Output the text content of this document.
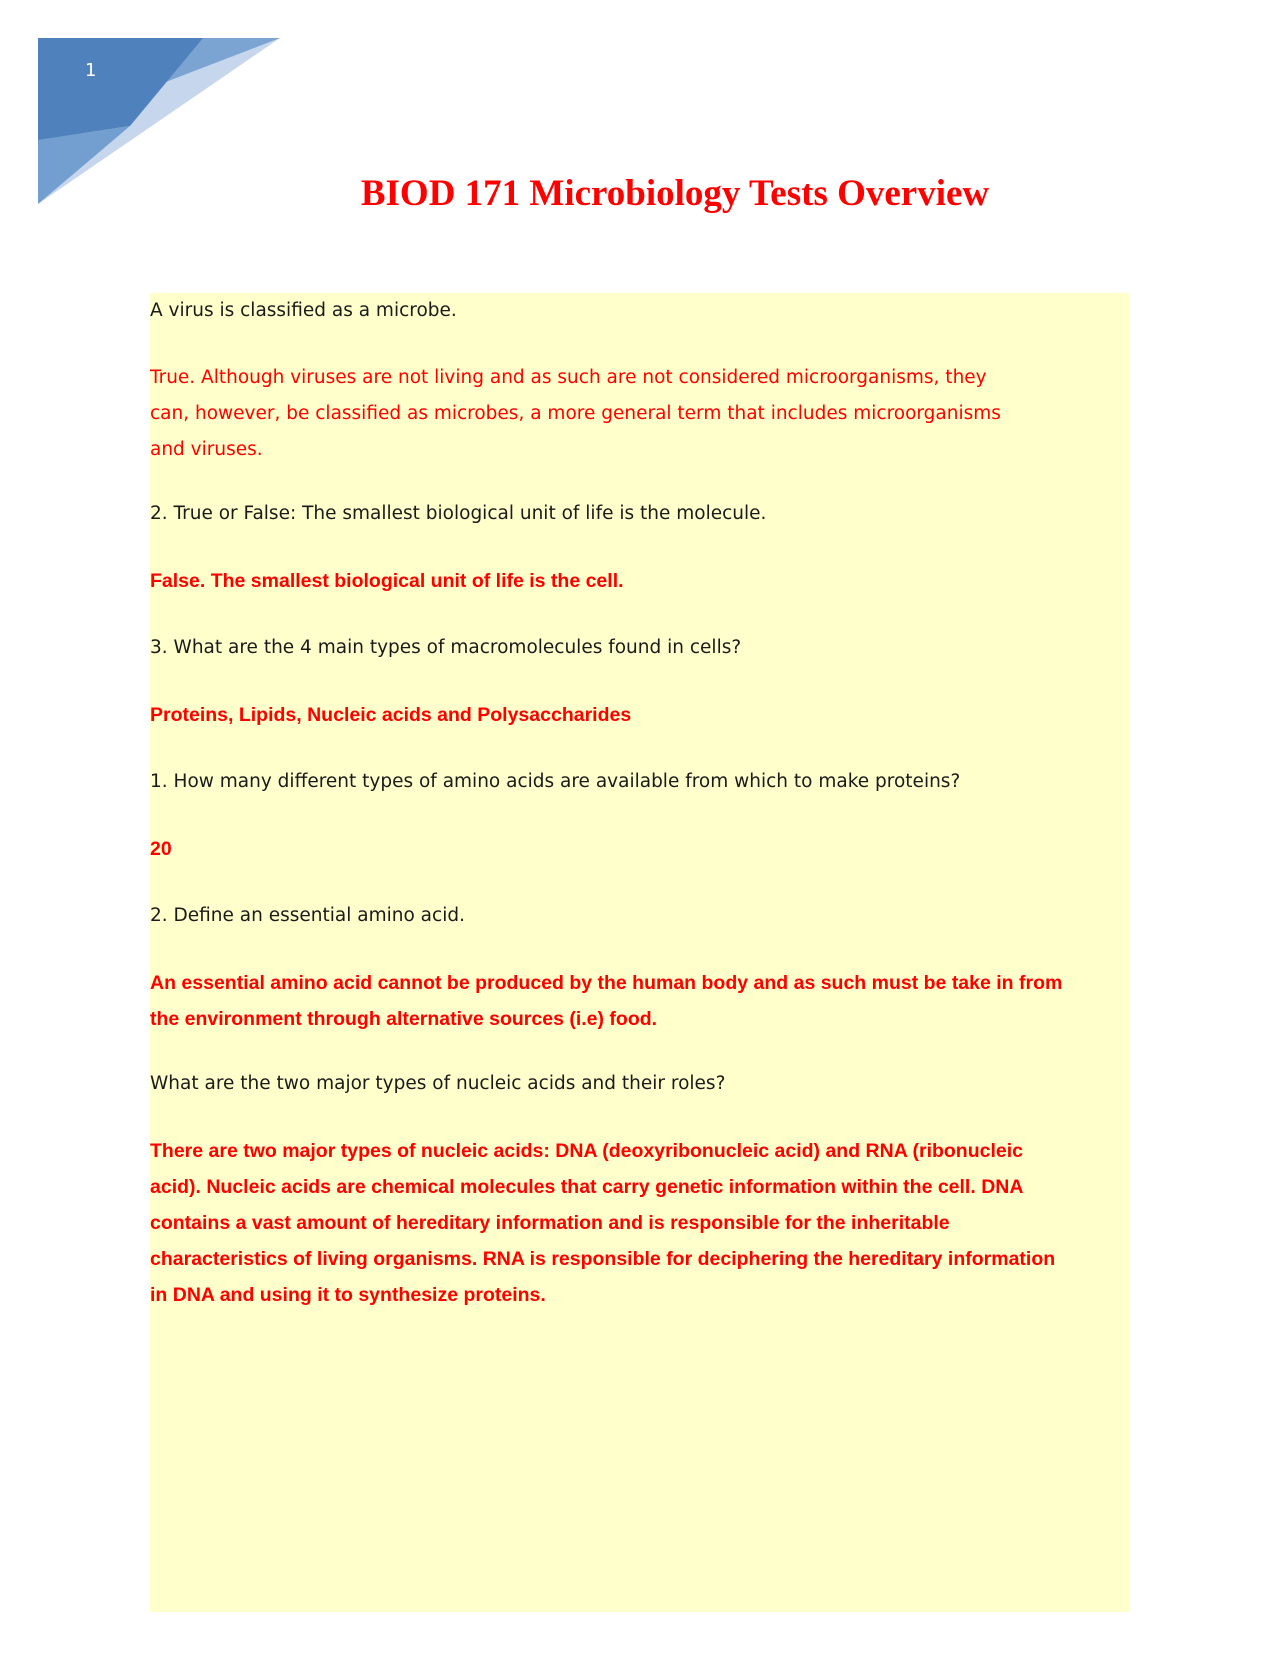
1
BIOD 171 Microbiology Tests Overview

A virus is classified as a microbe.

True. Although viruses are not living and as such are not considered microorganisms, they

can, however, be classified as microbes, a more general term that includes microorganisms

and viruses.

2. True or False: The smallest biological unit of life is the molecule.

False. The smallest biological unit of life is the cell.

3. What are the 4 main types of macromolecules found in cells?

Proteins, Lipids, Nucleic acids and Polysaccharides

1. How many different types of amino acids are available from which to make proteins?

20

2. Define an essential amino acid.

An essential amino acid cannot be produced by the human body and as such must be take in from

the environment through alternative sources (i.e) food.

What are the two major types of nucleic acids and their roles?

There are two major types of nucleic acids: DNA (deoxyribonucleic acid) and RNA (ribonucleic

acid). Nucleic acids are chemical molecules that carry genetic information within the cell. DNA

contains a vast amount of hereditary information and is responsible for the inheritable

characteristics of living organisms. RNA is responsible for deciphering the hereditary information

in DNA and using it to synthesize proteins.
